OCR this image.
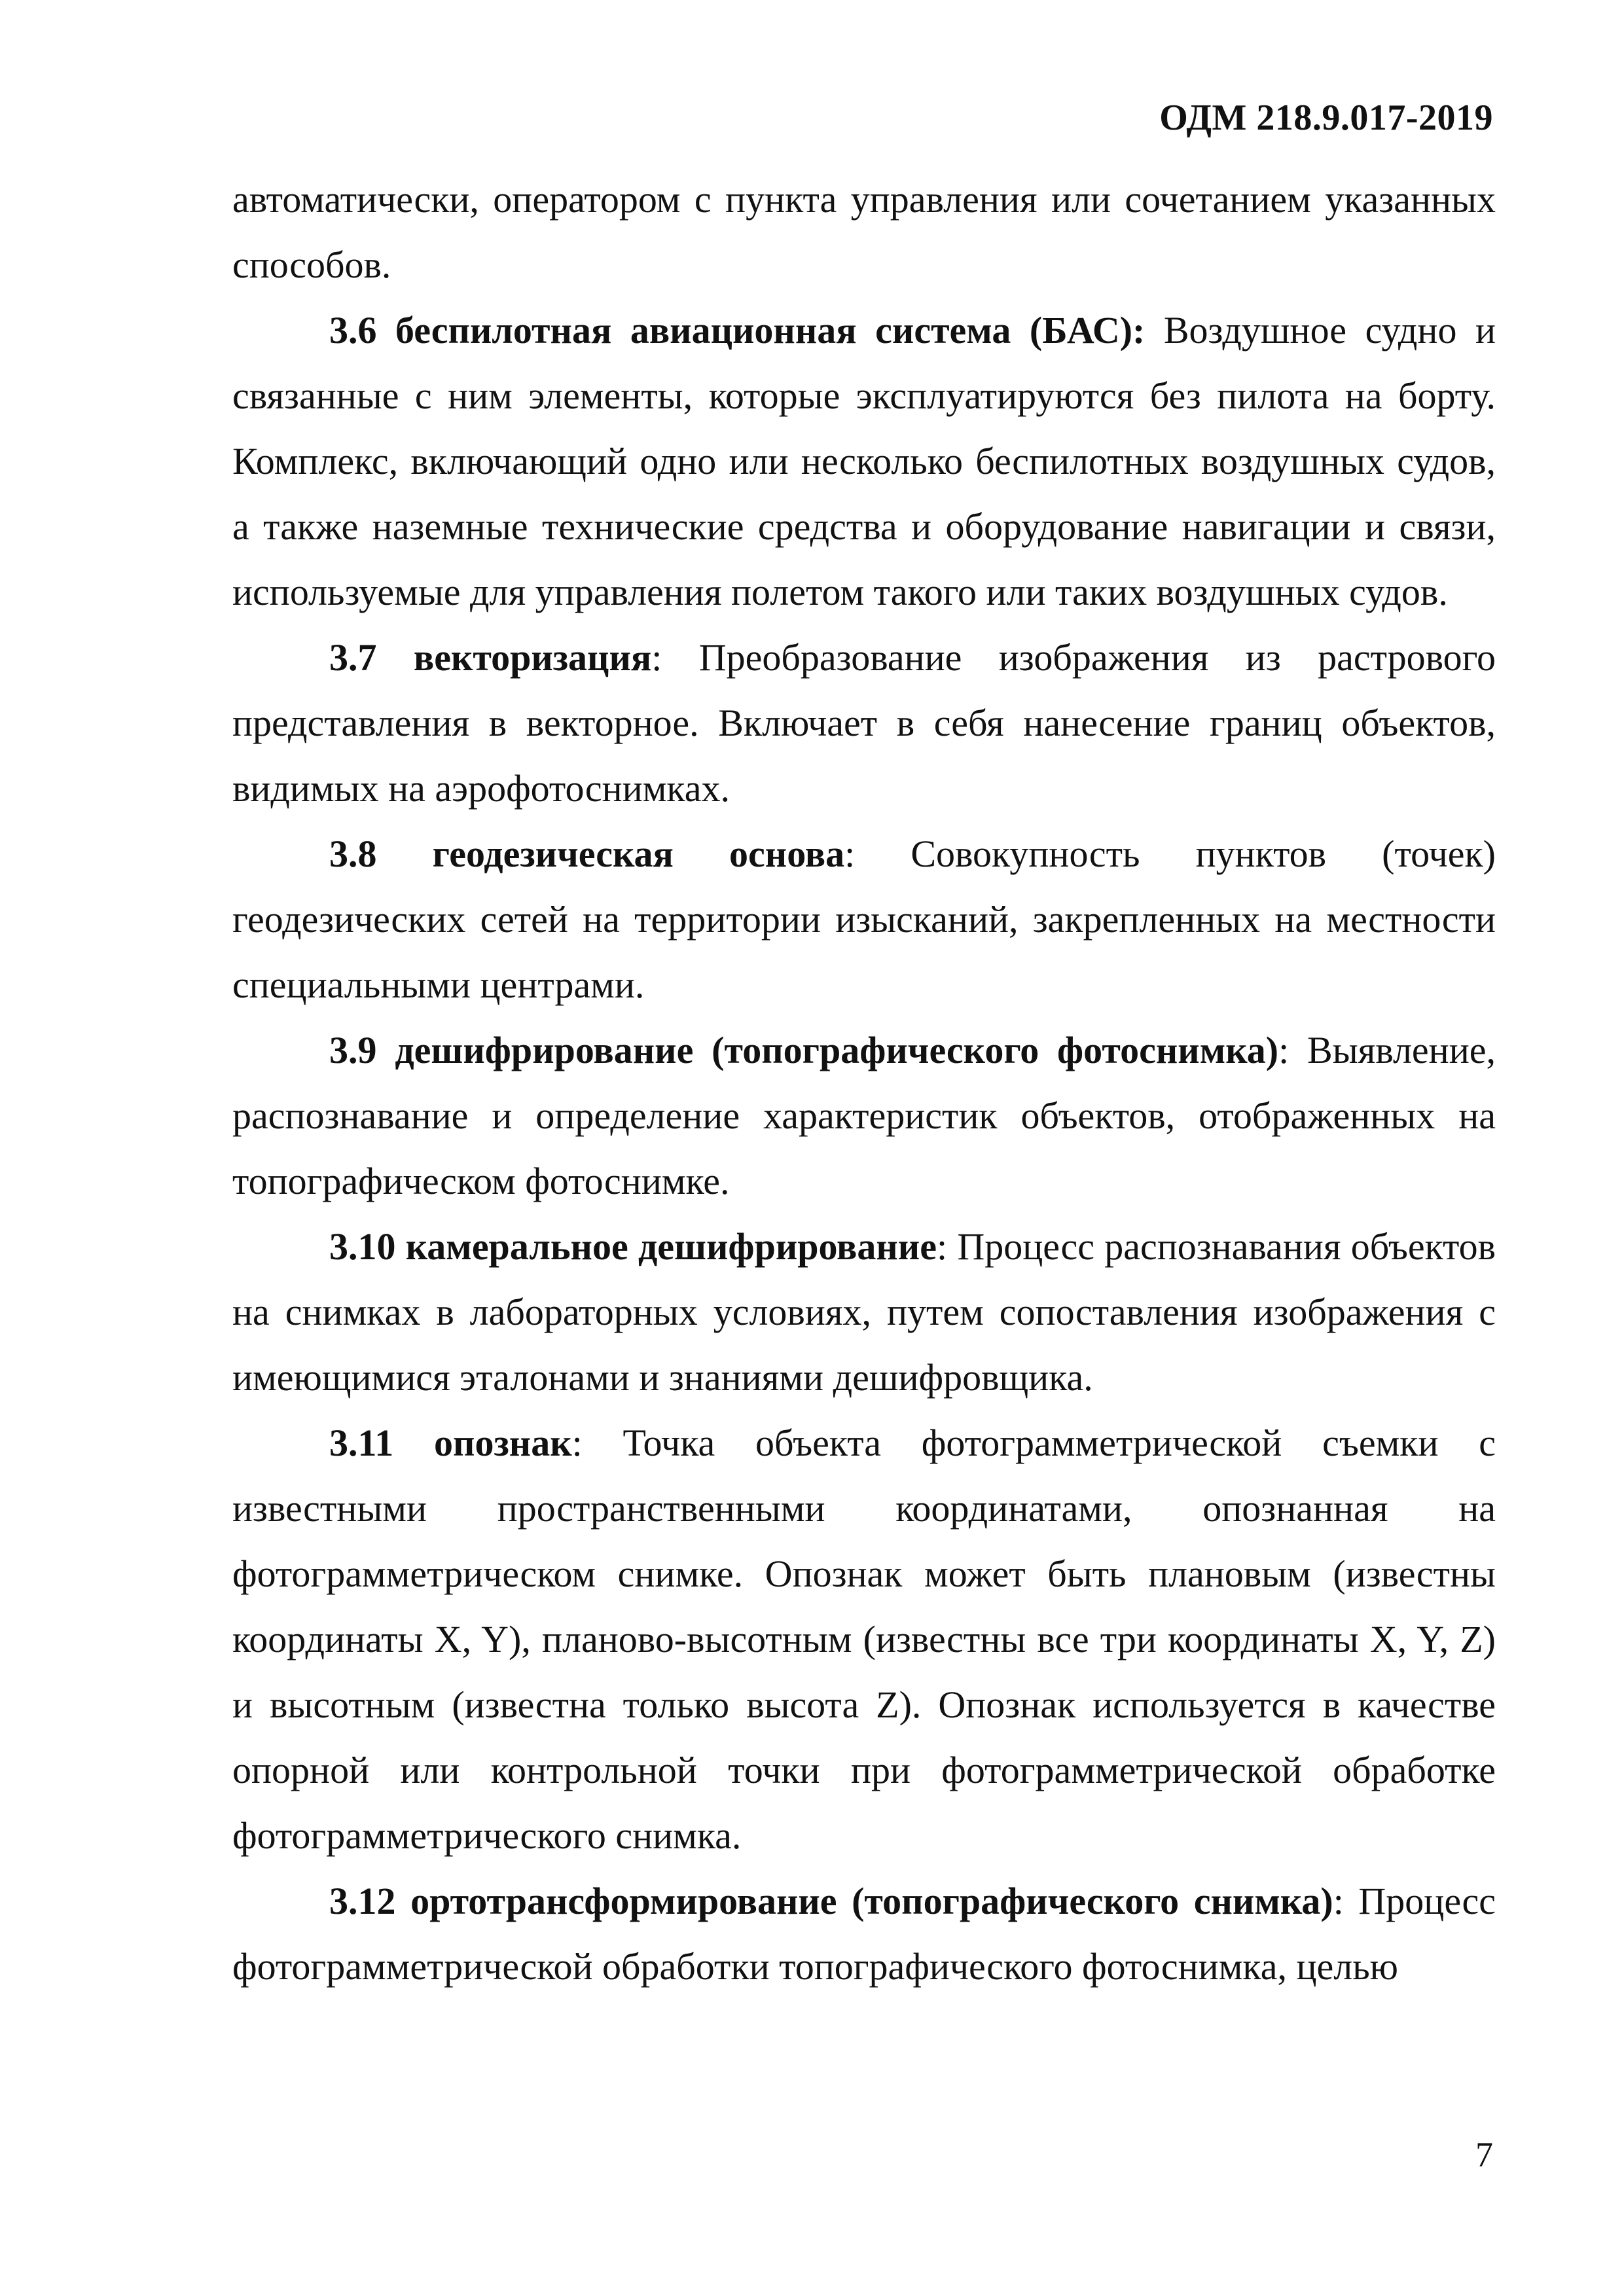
ОДМ 218.9.017-2019

автоматически, оператором с пункта управления или сочетанием указанных способов.

3.6 беспилотная авиационная система (БАС): Воздушное судно и связанные с ним элементы, которые эксплуатируются без пилота на борту. Комплекс, включающий одно или несколько беспилотных воздушных судов, а также наземные технические средства и оборудование навигации и связи, используемые для управления полетом такого или таких воздушных судов.

3.7 векторизация: Преобразование изображения из растрового представления в векторное. Включает в себя нанесение границ объектов, видимых на аэрофотоснимках.

3.8 геодезическая основа: Совокупность пунктов (точек) геодезических сетей на территории изысканий, закрепленных на местности специальными центрами.

3.9 дешифрирование (топографического фотоснимка): Выявление, распознавание и определение характеристик объектов, отображенных на топографическом фотоснимке.

3.10 камеральное дешифрирование: Процесс распознавания объектов на снимках в лабораторных условиях, путем сопоставления изображения с имеющимися эталонами и знаниями дешифровщика.

3.11 опознак: Точка объекта фотограмметрической съемки с известными пространственными координатами, опознанная на фотограмметрическом снимке. Опознак может быть плановым (известны координаты X, Y), планово-высотным (известны все три координаты X, Y, Z) и высотным (известна только высота Z). Опознак используется в качестве опорной или контрольной точки при фотограмметрической обработке фотограмметрического снимка.

3.12 ортотрансформирование (топографического снимка): Процесс фотограмметрической обработки топографического фотоснимка, целью

7
